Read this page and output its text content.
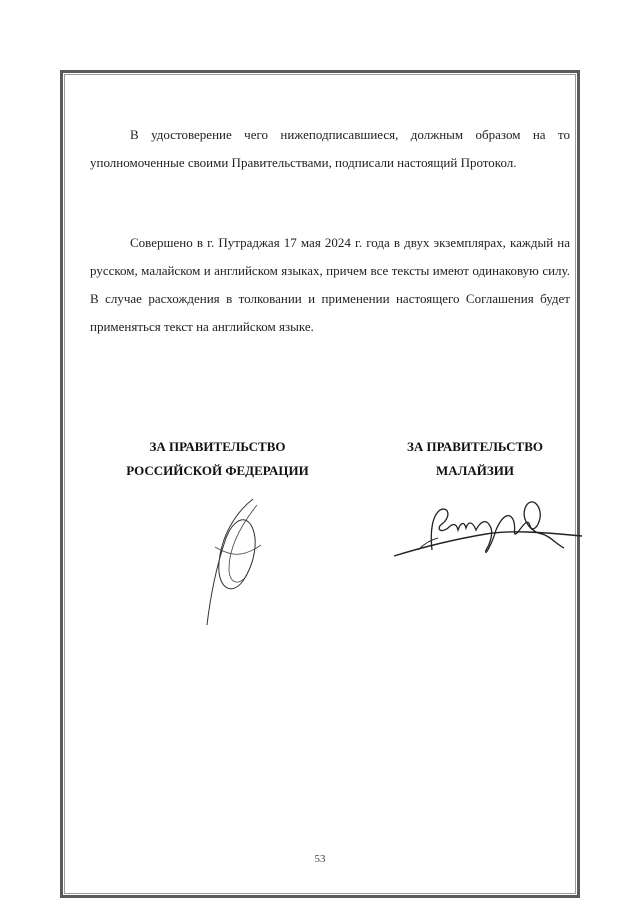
В удостоверение чего нижеподписавшиеся, должным образом на то уполномоченные своими Правительствами, подписали настоящий Протокол.

Совершено в г. Путраджая 17 мая 2024 г. года в двух экземплярах, каждый на русском, малайском и английском языках, причем все тексты имеют одинаковую силу. В случае расхождения в толковании и применении настоящего Соглашения будет применяться текст на английском языке.

ЗА ПРАВИТЕЛЬСТВО
РОССИЙСКОЙ ФЕДЕРАЦИИ
ЗА ПРАВИТЕЛЬСТВО
МАЛАЙЗИИ
53
